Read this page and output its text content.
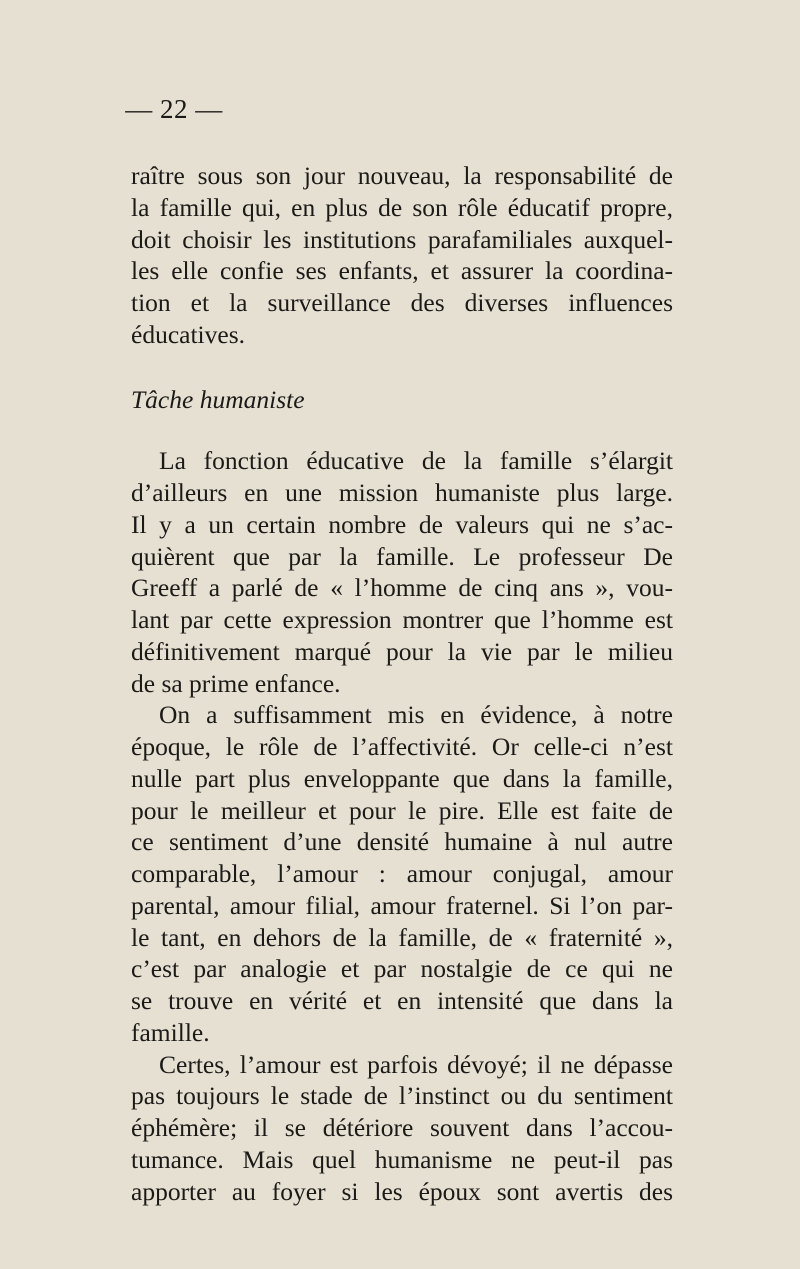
— 22 —
raître sous son jour nouveau, la responsabilité de
la famille qui, en plus de son rôle éducatif propre,
doit choisir les institutions parafamiliales auxquel-
les elle confie ses enfants, et assurer la coordina-
tion et la surveillance des diverses influences
éducatives.
Tâche humaniste
La fonction éducative de la famille s’élargit
d’ailleurs en une mission humaniste plus large.
Il y a un certain nombre de valeurs qui ne s’ac-
quièrent que par la famille. Le professeur De
Greeff a parlé de « l’homme de cinq ans », vou-
lant par cette expression montrer que l’homme est
définitivement marqué pour la vie par le milieu
de sa prime enfance.
On a suffisamment mis en évidence, à notre
époque, le rôle de l’affectivité. Or celle-ci n’est
nulle part plus enveloppante que dans la famille,
pour le meilleur et pour le pire. Elle est faite de
ce sentiment d’une densité humaine à nul autre
comparable, l’amour : amour conjugal, amour
parental, amour filial, amour fraternel. Si l’on par-
le tant, en dehors de la famille, de « fraternité »,
c’est par analogie et par nostalgie de ce qui ne
se trouve en vérité et en intensité que dans la
famille.
Certes, l’amour est parfois dévoyé; il ne dépasse
pas toujours le stade de l’instinct ou du sentiment
éphémère; il se détériore souvent dans l’accou-
tumance. Mais quel humanisme ne peut-il pas
apporter au foyer si les époux sont avertis des
